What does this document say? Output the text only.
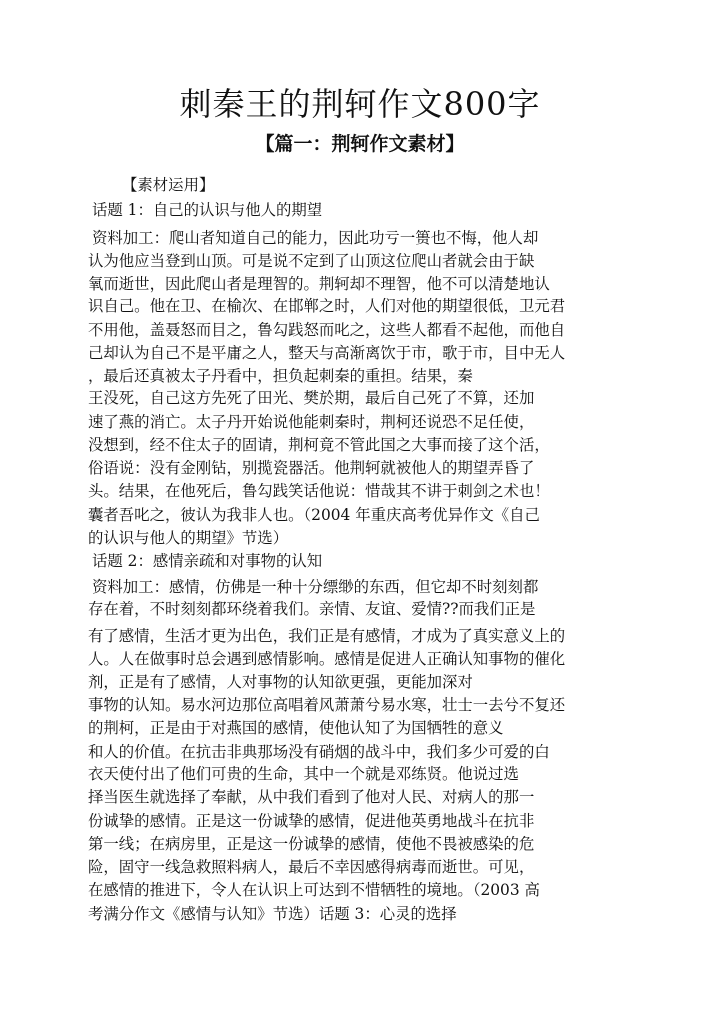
刺秦王的荆轲作文800字
【篇一：荆轲作文素材】
【素材运用】
话题 1：自己的认识与他人的期望
资料加工：爬山者知道自己的能力，因此功亏一篑也不悔，他人却
认为他应当登到山顶。可是说不定到了山顶这位爬山者就会由于缺
氧而逝世，因此爬山者是理智的。荆轲却不理智，他不可以清楚地认
识自己。他在卫、在榆次、在邯郸之时，人们对他的期望很低，卫元君
不用他，盖聂怒而目之，鲁勾践怒而叱之，这些人都看不起他，而他自
己却认为自己不是平庸之人，整天与高渐离饮于市，歌于市，目中无人
，最后还真被太子丹看中，担负起刺秦的重担。结果，秦
王没死，自己这方先死了田光、樊於期，最后自己死了不算，还加
速了燕的消亡。太子丹开始说他能刺秦时，荆柯还说恐不足任使，
没想到，经不住太子的固请，荆柯竟不管此国之大事而接了这个活，
俗语说：没有金刚钻，别揽瓷器活。他荆轲就被他人的期望弄昏了
头。结果，在他死后，鲁勾践笑话他说：惜哉其不讲于刺剑之术也！
囊者吾叱之，彼认为我非人也。（2004 年重庆高考优异作文《自己
的认识与他人的期望》节选）
话题 2：感情亲疏和对事物的认知
资料加工：感情，仿佛是一种十分缥缈的东西，但它却不时刻刻都
存在着，不时刻刻都环绕着我们。亲情、友谊、爱情??而我们正是
有了感情，生活才更为出色，我们正是有感情，才成为了真实意义上的
人。人在做事时总会遇到感情影响。感情是促进人正确认知事物的催化
剂，正是有了感情，人对事物的认知欲更强，更能加深对
事物的认知。易水河边那位高唱着风萧萧兮易水寒，壮士一去兮不复还
的荆柯，正是由于对燕国的感情，使他认知了为国牺牲的意义
和人的价值。在抗击非典那场没有硝烟的战斗中，我们多少可爱的白
衣天使付出了他们可贵的生命，其中一个就是邓练贤。他说过选
择当医生就选择了奉献，从中我们看到了他对人民、对病人的那一
份诚挚的感情。正是这一份诚挚的感情，促进他英勇地战斗在抗非
第一线；在病房里，正是这一份诚挚的感情，使他不畏被感染的危
险，固守一线急救照料病人，最后不幸因感得病毒而逝世。可见，
在感情的推进下，令人在认识上可达到不惜牺牲的境地。（2003 高
考满分作文《感情与认知》节选）话题 3：心灵的选择
